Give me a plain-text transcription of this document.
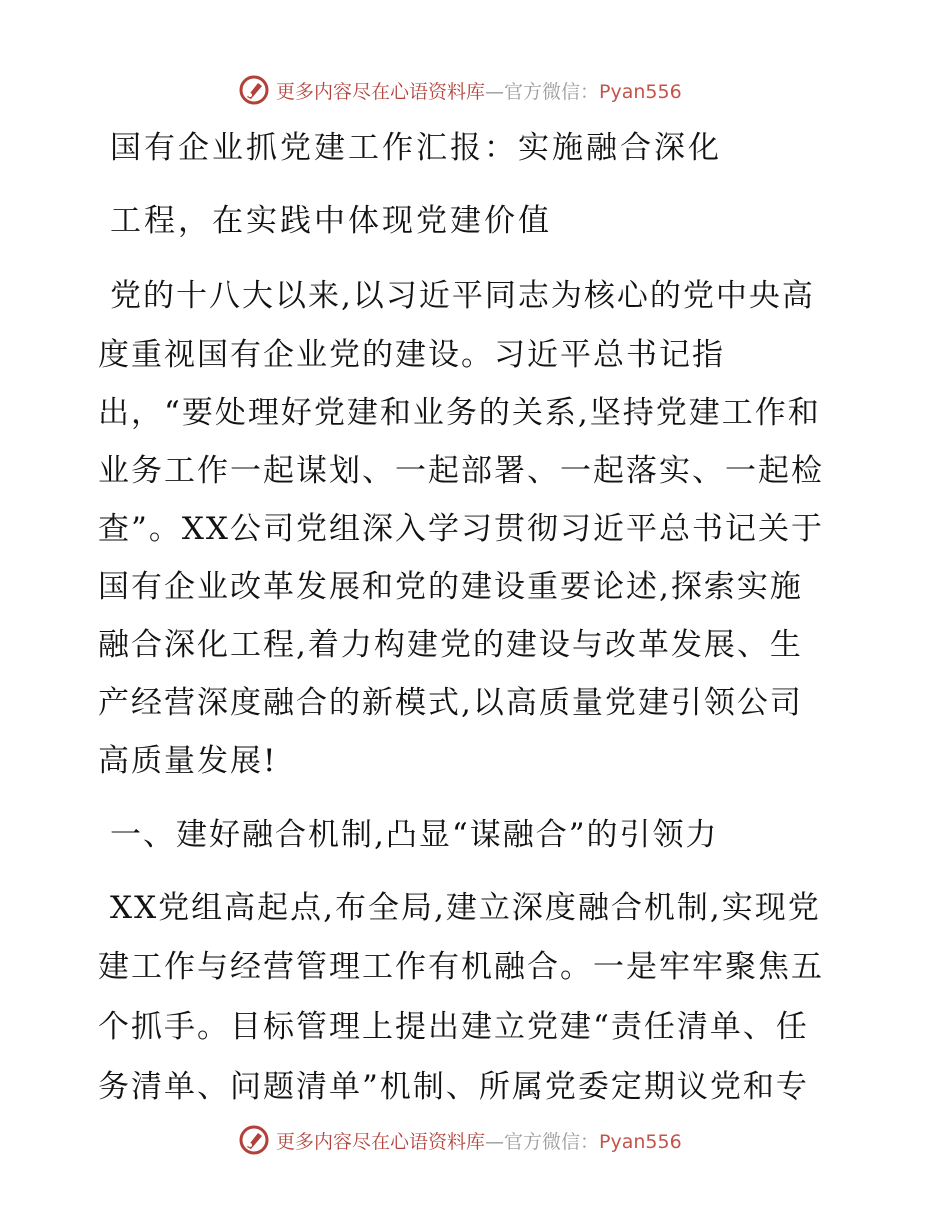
更多内容尽在心语资料库—官方微信：Pyan556
国有企业抓党建工作汇报：实施融合深化
工程，在实践中体现党建价值
党的十八大以来,以习近平同志为核心的党中央高
度重视国有企业党的建设。习近平总书记指
出，“要处理好党建和业务的关系,坚持党建工作和
业务工作一起谋划、一起部署、一起落实、一起检
查”。XX公司党组深入学习贯彻习近平总书记关于
国有企业改革发展和党的建设重要论述,探索实施
融合深化工程,着力构建党的建设与改革发展、生
产经营深度融合的新模式,以高质量党建引领公司
高质量发展!
一、建好融合机制,凸显“谋融合”的引领力
XX党组高起点,布全局,建立深度融合机制,实现党
建工作与经营管理工作有机融合。一是牢牢聚焦五
个抓手。目标管理上提出建立党建“责任清单、任
务清单、问题清单”机制、所属党委定期议党和专
更多内容尽在心语资料库—官方微信：Pyan556
